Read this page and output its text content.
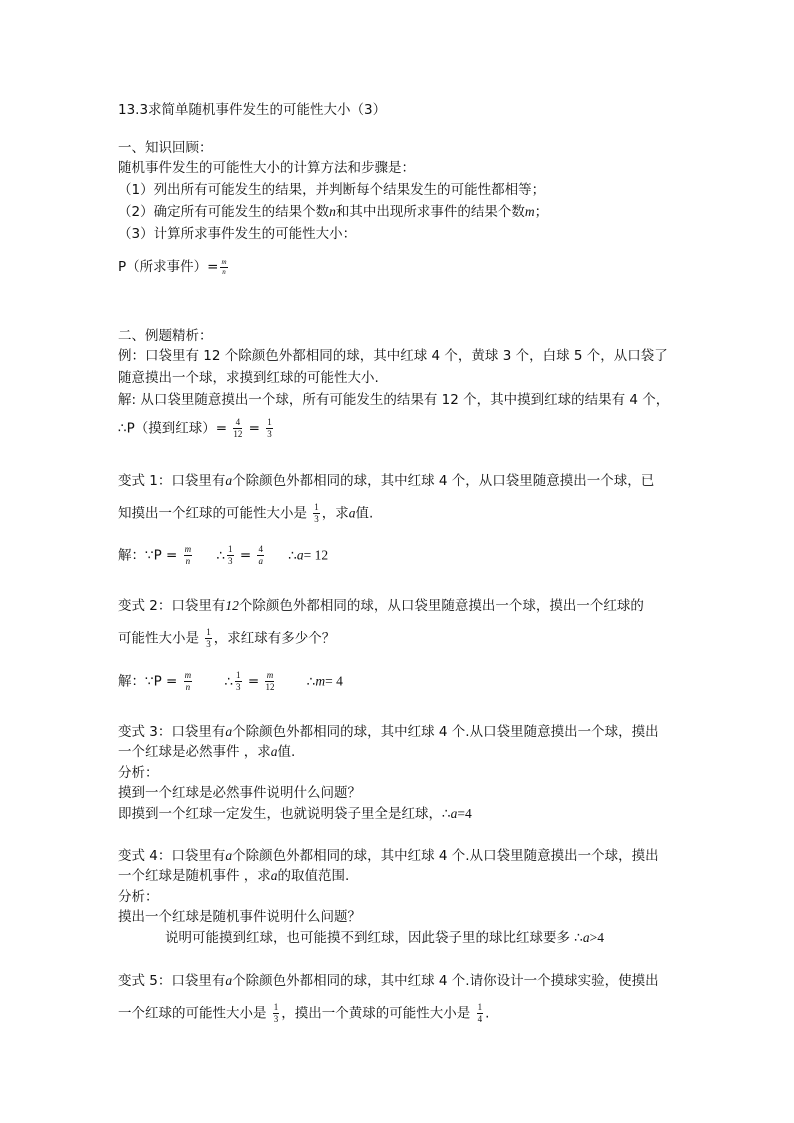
13.3求简单随机事件发生的可能性大小（3）
一、知识回顾：
随机事件发生的可能性大小的计算方法和步骤是：
（1）列出所有可能发生的结果，并判断每个结果发生的可能性都相等；
（2）确定所有可能发生的结果个数n和其中出现所求事件的结果个数m；
（3）计算所求事件发生的可能性大小：
P（所求事件）= $\frac{m}{n}$
二、例题精析：
例：口袋里有 12 个除颜色外都相同的球，其中红球 4 个，黄球 3 个，白球 5 个，从口袋了
随意摸出一个球，求摸到红球的可能性大小.
解: 从口袋里随意摸出一个球，所有可能发生的结果有 12 个，其中摸到红球的结果有 4 个，
∴P（摸到红球）= $\frac{4}{12} = \frac{1}{3}$
变式 1：口袋里有a个除颜色外都相同的球，其中红球 4 个，从口袋里随意摸出一个球，已
知摸出一个红球的可能性大小是 $\frac{1}{3}$ ，求a值.
解：∵P = $\frac{m}{n}$ ∴ $\frac{1}{3} = \frac{4}{a}$ ∴a= 12
变式 2：口袋里有12个除颜色外都相同的球，从口袋里随意摸出一个球，摸出一个红球的
可能性大小是 $\frac{1}{3}$ ，求红球有多少个？
解：∵P = $\frac{m}{n}$ ∴ $\frac{1}{3} = \frac{m}{12}$ ∴m= 4
变式 3：口袋里有a个除颜色外都相同的球，其中红球 4 个.从口袋里随意摸出一个球，摸出
一个红球是必然事件 ，求a值.
分析：
摸到一个红球是必然事件说明什么问题？
即摸到一个红球一定发生，也就说明袋子里全是红球，∴a=4
变式 4：口袋里有a个除颜色外都相同的球，其中红球 4 个.从口袋里随意摸出一个球，摸出
一个红球是随机事件 ，求a的取值范围.
分析：
摸出一个红球是随机事件说明什么问题？
说明可能摸到红球，也可能摸不到红球，因此袋子里的球比红球要多 ∴a>4
变式 5：口袋里有a个除颜色外都相同的球，其中红球 4 个.请你设计一个摸球实验，使摸出
一个红球的可能性大小是 $\frac{1}{3}$ ，摸出一个黄球的可能性大小是 $\frac{1}{4}$ .
